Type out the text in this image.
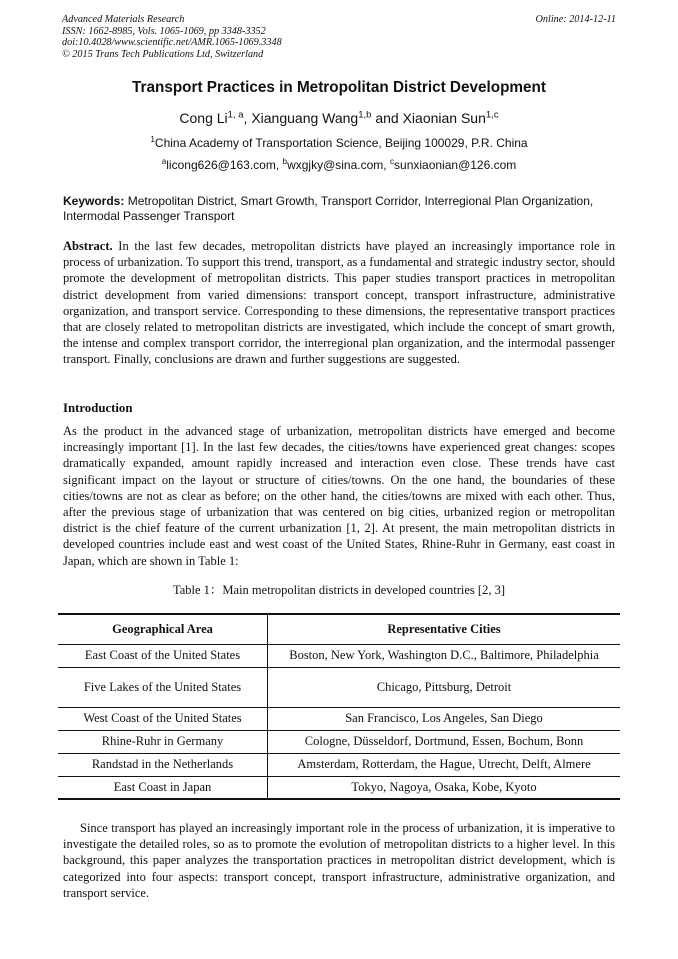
Advanced Materials Research
ISSN: 1662-8985, Vols. 1065-1069, pp 3348-3352
doi:10.4028/www.scientific.net/AMR.1065-1069.3348
© 2015 Trans Tech Publications Ltd, Switzerland
Online: 2014-12-11
Transport Practices in Metropolitan District Development
Cong Li$^{1, a}$, Xianguang Wang$^{1,b}$ and Xiaonian Sun$^{1,c}$
$^1$China Academy of Transportation Science, Beijing 100029, P.R. China
$^a$licong626@163.com, $^b$wxgjky@sina.com, $^c$sunxiaonian@126.com
Keywords: Metropolitan District, Smart Growth, Transport Corridor, Interregional Plan Organization, Intermodal Passenger Transport
Abstract. In the last few decades, metropolitan districts have played an increasingly importance role in process of urbanization. To support this trend, transport, as a fundamental and strategic industry sector, should promote the development of metropolitan districts. This paper studies transport practices in metropolitan district development from varied dimensions: transport concept, transport infrastructure, administrative organization, and transport service. Corresponding to these dimensions, the representative transport practices that are closely related to metropolitan districts are investigated, which include the concept of smart growth, the intense and complex transport corridor, the interregional plan organization, and the intermodal passenger transport. Finally, conclusions are drawn and further suggestions are suggested.
Introduction
As the product in the advanced stage of urbanization, metropolitan districts have emerged and become increasingly important [1]. In the last few decades, the cities/towns have experienced great changes: scopes dramatically expanded, amount rapidly increased and interaction even close. These trends have cast significant impact on the layout or structure of cities/towns. On the one hand, the boundaries of these cities/towns are not as clear as before; on the other hand, the cities/towns are mixed with each other. Thus, after the previous stage of urbanization that was centered on big cities, urbanized region or metropolitan district is the chief feature of the current urbanization [1, 2]. At present, the main metropolitan districts in developed countries include east and west coast of the United States, Rhine-Ruhr in Germany, east coast in Japan, which are shown in Table 1:
Table 1：Main metropolitan districts in developed countries [2, 3]
Geographical Area	Representative Cities
East Coast of the United States	Boston, New York, Washington D.C., Baltimore, Philadelphia
Five Lakes of the United States	Chicago, Pittsburg, Detroit
West Coast of the United States	San Francisco, Los Angeles, San Diego
Rhine-Ruhr in Germany	Cologne, Düsseldorf, Dortmund, Essen, Bochum, Bonn
Randstad in the Netherlands	Amsterdam, Rotterdam, the Hague, Utrecht, Delft, Almere
East Coast in Japan	Tokyo, Nagoya, Osaka, Kobe, Kyoto
Since transport has played an increasingly important role in the process of urbanization, it is imperative to investigate the detailed roles, so as to promote the evolution of metropolitan districts to a higher level. In this background, this paper analyzes the transportation practices in metropolitan district development, which is categorized into four aspects: transport concept, transport infrastructure, administrative organization, and transport service.
